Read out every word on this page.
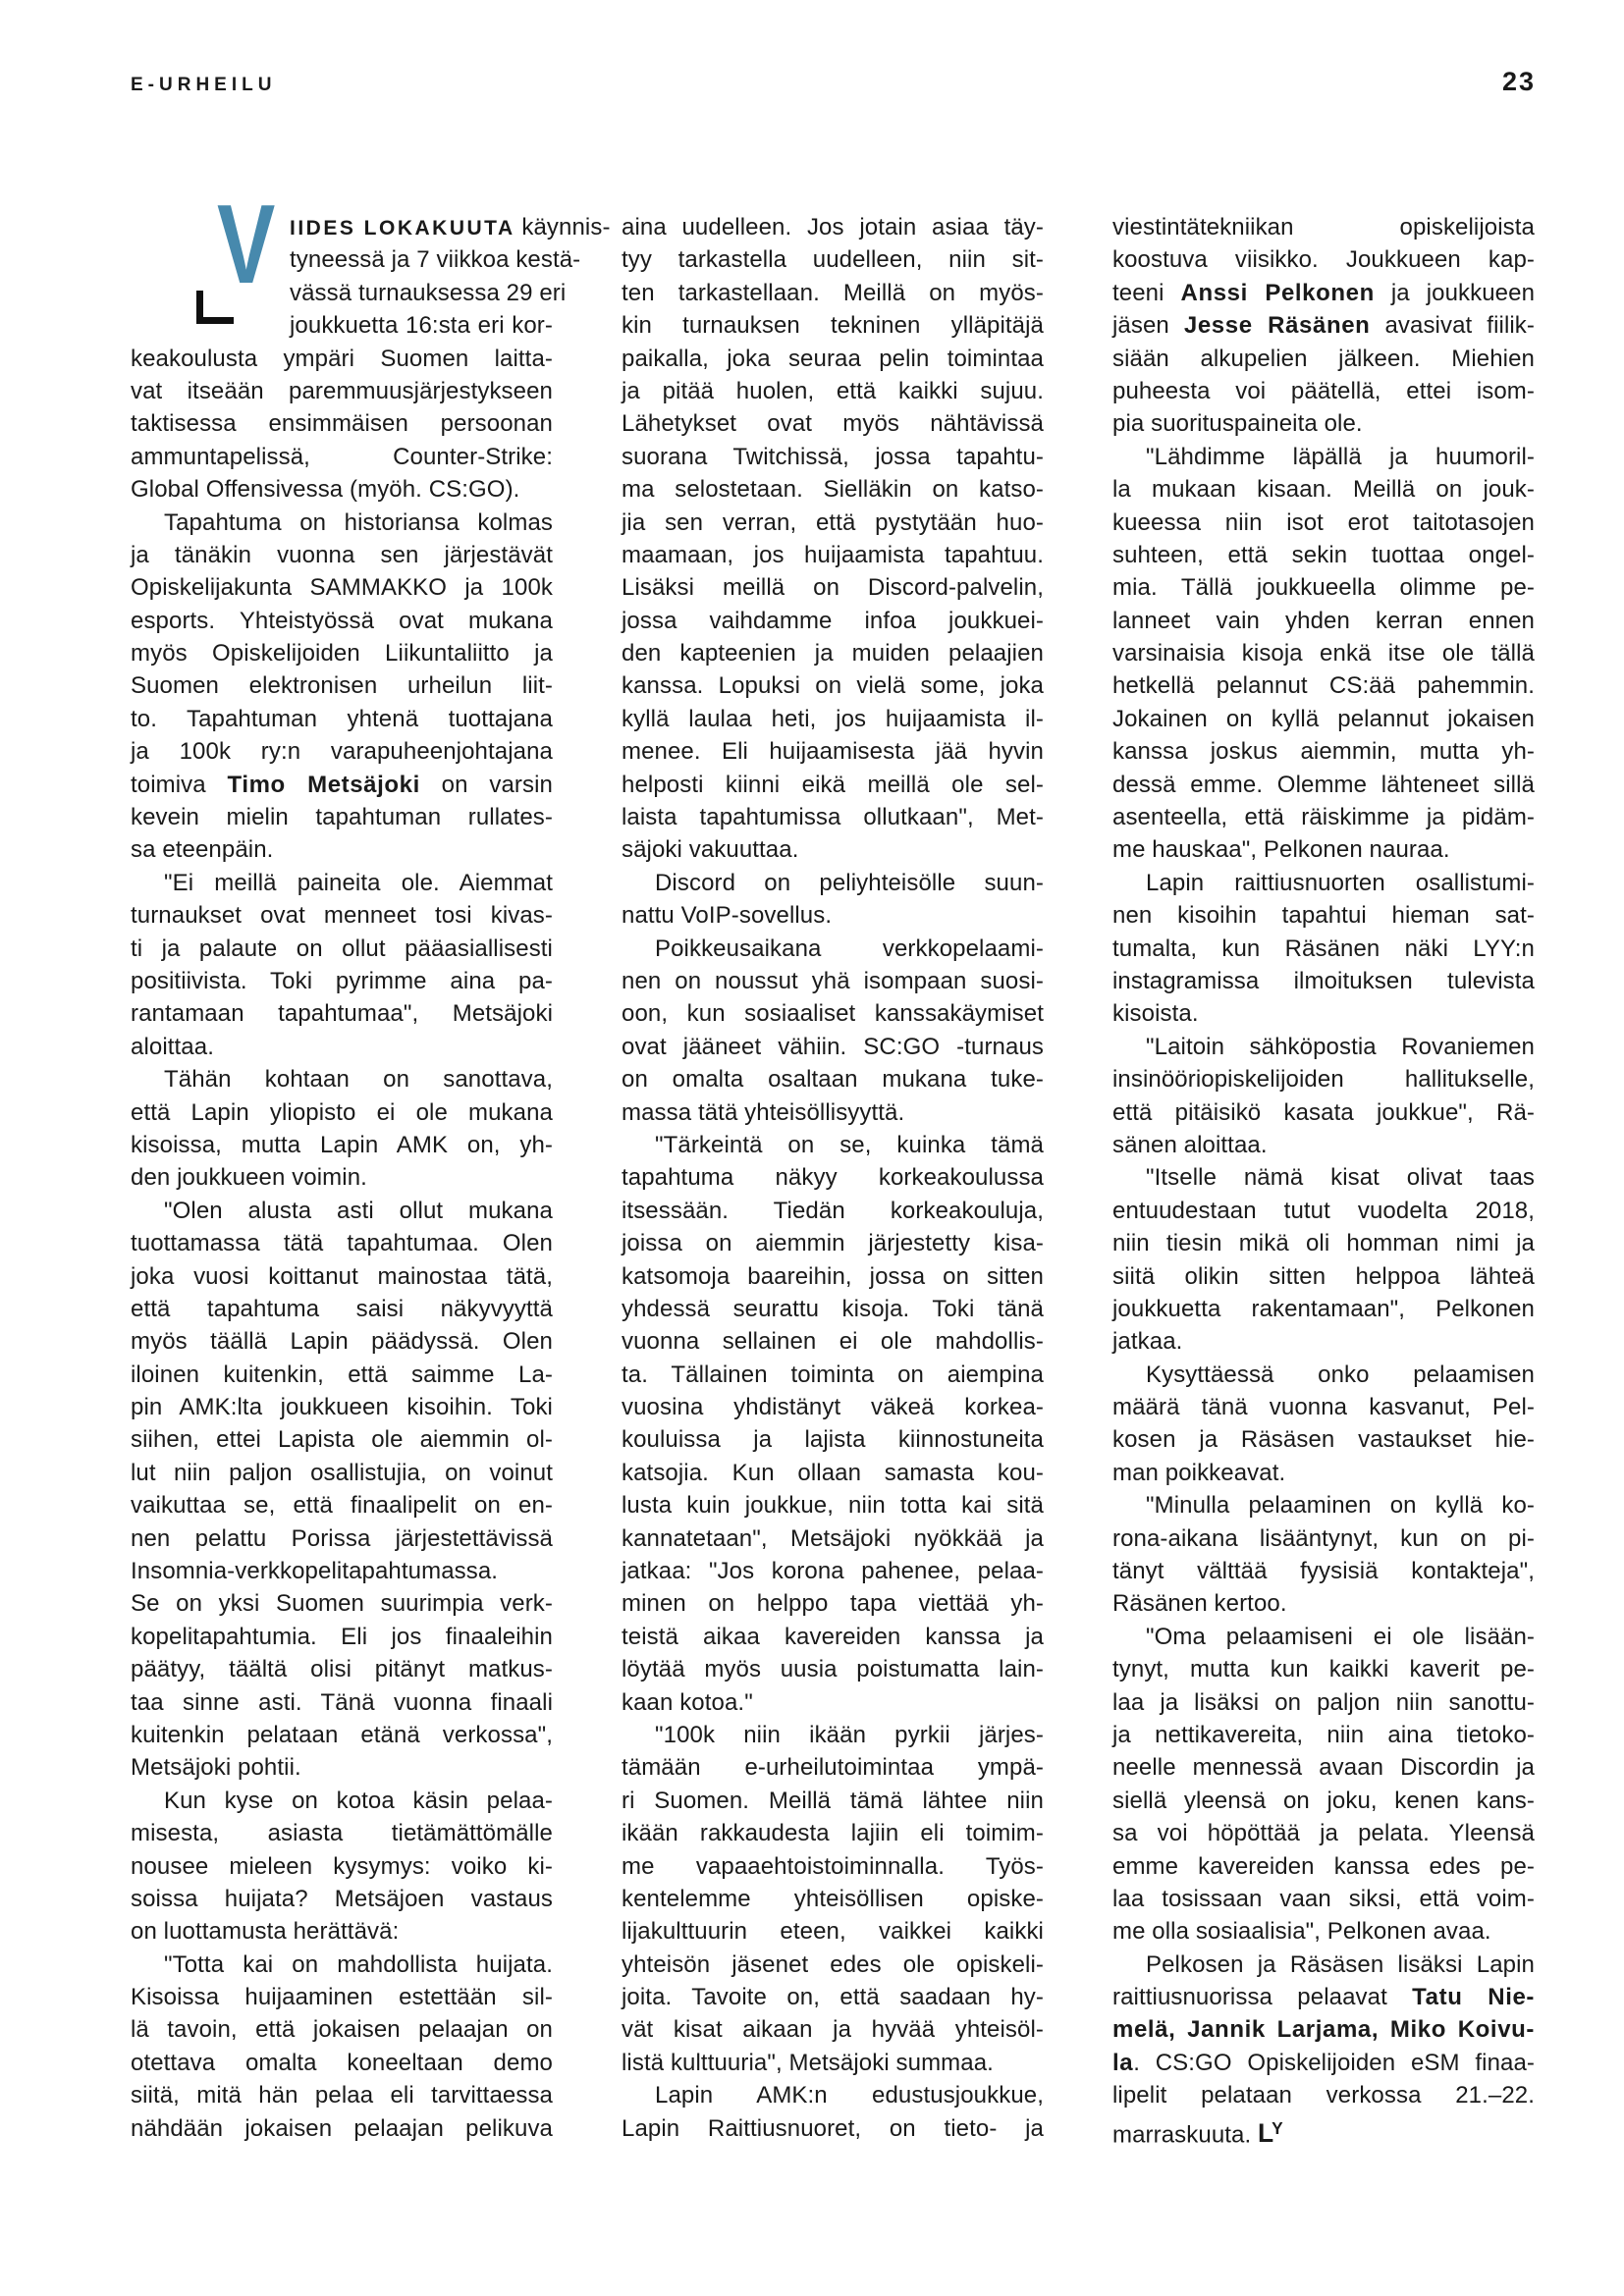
E-URHEILU	23
V IIDES LOKAKUUTA käynnis-
tyneessä ja 7 viikkoa kestä-
vässä turnauksessa 29 eri
joukkuetta 16:sta eri kor-
keakoulusta ympäri Suomen laitta-
vat itseään paremmuusjärjestykseen
taktisessa ensimmäisen persoonan
ammuntapelissä, Counter-Strike:
Global Offensivessa (myöh. CS:GO).
Tapahtuma on historiansa kolmas
ja tänäkin vuonna sen järjestävät
Opiskelijakunta SAMMAKKO ja 100k
esports. Yhteistyössä ovat mukana
myös Opiskelijoiden Liikuntaliitto ja
Suomen elektronisen urheilun liit-
to. Tapahtuman yhtenä tuottajana
ja 100k ry:n varapuheenjohtajana
toimiva Timo Metsäjoki on varsin
kevein mielin tapahtuman rullates-
sa eteenpäin.
"Ei meillä paineita ole. Aiemmat
turnaukset ovat menneet tosi kivas-
ti ja palaute on ollut pääasiallisesti
positiivista. Toki pyrimme aina pa-
rantamaan tapahtumaa", Metsäjoki
aloittaa.
Tähän kohtaan on sanottava,
että Lapin yliopisto ei ole mukana
kisoissa, mutta Lapin AMK on, yh-
den joukkueen voimin.
"Olen alusta asti ollut mukana
tuottamassa tätä tapahtumaa. Olen
joka vuosi koittanut mainostaa tätä,
että tapahtuma saisi näkyvyyttä
myös täällä Lapin päädyssä. Olen
iloinen kuitenkin, että saimme La-
pin AMK:lta joukkueen kisoihin. Toki
siihen, ettei Lapista ole aiemmin ol-
lut niin paljon osallistujia, on voinut
vaikuttaa se, että finaalipelit on en-
nen pelattu Porissa järjestettävissä
Insomnia-verkkopelitapahtumassa.
Se on yksi Suomen suurimpia verk-
kopelitapahtumia. Eli jos finaaleihin
päätyy, täältä olisi pitänyt matkus-
taa sinne asti. Tänä vuonna finaali
kuitenkin pelataan etänä verkossa",
Metsäjoki pohtii.
Kun kyse on kotoa käsin pelaa-
misesta, asiasta tietämättömälle
nousee mieleen kysymys: voiko ki-
soissa huijata? Metsäjoen vastaus
on luottamusta herättävä:
"Totta kai on mahdollista huijata.
Kisoissa huijaaminen estettään sil-
lä tavoin, että jokaisen pelaajan on
otettava omalta koneeltaan demo
siitä, mitä hän pelaa eli tarvittaessa
nähdään jokaisen pelaajan pelikuva
aina uudelleen. Jos jotain asiaa täy-
tyy tarkastella uudelleen, niin sit-
ten tarkastellaan. Meillä on myös-
kin turnauksen tekninen ylläpitäjä
paikalla, joka seuraa pelin toimintaa
ja pitää huolen, että kaikki sujuu.
Lähetykset ovat myös nähtävissä
suorana Twitchissä, jossa tapahtu-
ma selostetaan. Sielläkin on katso-
jia sen verran, että pystytään huo-
maamaan, jos huijaamista tapahtuu.
Lisäksi meillä on Discord-palvelin,
jossa vaihdamme infoa joukkuei-
den kapteenien ja muiden pelaajien
kanssa. Lopuksi on vielä some, joka
kyllä laulaa heti, jos huijaamista il-
menee. Eli huijaamisesta jää hyvin
helposti kiinni eikä meillä ole sel-
laista tapahtumissa ollutkaan", Met-
säjoki vakuuttaa.
Discord on peliyhteisölle suun-
nattu VoIP-sovellus.
Poikkeusaikana verkkopelaami-
nen on noussut yhä isompaan suosi-
oon, kun sosiaaliset kanssakäymiset
ovat jääneet vähiin. SC:GO -turnaus
on omalta osaltaan mukana tuke-
massa tätä yhteisöllisyyttä.
"Tärkeintä on se, kuinka tämä
tapahtuma näkyy korkeakoulussa
itsessään. Tiedän korkeakouluja,
joissa on aiemmin järjestetty kisa-
katsomoja baareihin, jossa on sitten
yhdessä seurattu kisoja. Toki tänä
vuonna sellainen ei ole mahdollis-
ta. Tällainen toiminta on aiempina
vuosina yhdistänyt väkeä korkea-
kouluissa ja lajista kiinnostuneita
katsojia. Kun ollaan samasta kou-
lusta kuin joukkue, niin totta kai sitä
kannatetaan", Metsäjoki nyökkää ja
jatkaa: "Jos korona pahenee, pelaa-
minen on helppo tapa viettää yh-
teistä aikaa kavereiden kanssa ja
löytää myös uusia poistumatta lain-
kaan kotoa."
"100k niin ikään pyrkii järjes-
tämään e-urheilutoimintaa ympä-
ri Suomen. Meillä tämä lähtee niin
ikään rakkaudesta lajiin eli toimim-
me vapaaehtoistoiminnalla. Työs-
kentelemme yhteisöllisen opiske-
lijakulttuurin eteen, vaikkei kaikki
yhteisön jäsenet edes ole opiskeli-
joita. Tavoite on, että saadaan hy-
vät kisat aikaan ja hyvää yhteisöl-
listä kulttuuria", Metsäjoki summaa.
Lapin AMK:n edustusjoukkue,
Lapin Raittiusnuoret, on tieto- ja
viestintätekniikan opiskelijoista
koostuva viisikko. Joukkueen kap-
teeni Anssi Pelkonen ja joukkueen
jäsen Jesse Räsänen avasivat fiilik-
siään alkupelien jälkeen. Miehien
puheesta voi päätellä, ettei isom-
pia suorituspaineita ole.
"Lähdimme läpällä ja huumoril-
la mukaan kisaan. Meillä on jouk-
kueessa niin isot erot taitotasojen
suhteen, että sekin tuottaa ongel-
mia. Tällä joukkueella olimme pe-
lanneet vain yhden kerran ennen
varsinaisia kisoja enkä itse ole tällä
hetkellä pelannut CS:ää pahemmin.
Jokainen on kyllä pelannut jokaisen
kanssa joskus aiemmin, mutta yh-
dessä emme. Olemme lähteneet sillä
asenteella, että räiskimme ja pidäm-
me hauskaa", Pelkonen nauraa.
Lapin raittiusnuorten osallistumi-
nen kisoihin tapahtui hieman sat-
tumalta, kun Räsänen näki LYY:n
instagramissa ilmoituksen tulevista
kisoista.
"Laitoin sähköpostia Rovaniemen
insinööriopiskelijoiden hallitukselle,
että pitäisikö kasata joukkue", Rä-
sänen aloittaa.
"Itselle nämä kisat olivat taas
entuudestaan tutut vuodelta 2018,
niin tiesin mikä oli homman nimi ja
siitä olikin sitten helppoa lähteä
joukkuetta rakentamaan", Pelkonen
jatkaa.
Kysyttäessä onko pelaamisen
määrä tänä vuonna kasvanut, Pel-
kosen ja Räsäsen vastaukset hie-
man poikkeavat.
"Minulla pelaaminen on kyllä ko-
rona-aikana lisääntynyt, kun on pi-
tänyt välttää fyysisiä kontakteja",
Räsänen kertoo.
"Oma pelaamiseni ei ole lisään-
tynyt, mutta kun kaikki kaverit pe-
laa ja lisäksi on paljon niin sanottu-
ja nettikavereita, niin aina tietoko-
neelle mennessä avaan Discordin ja
siellä yleensä on joku, kenen kans-
sa voi höpöttää ja pelata. Yleensä
emme kavereiden kanssa edes pe-
laa tosissaan vaan siksi, että voim-
me olla sosiaalisia", Pelkonen avaa.
Pelkosen ja Räsäsen lisäksi Lapin
raittiusnuorissa pelaavat Tatu Nie-
melä, Jannik Larjama, Miko Koivu-
la. CS:GO Opiskelijoiden eSM finaa-
lipelit pelataan verkossa 21.–22.
marraskuuta. $L^Y$
